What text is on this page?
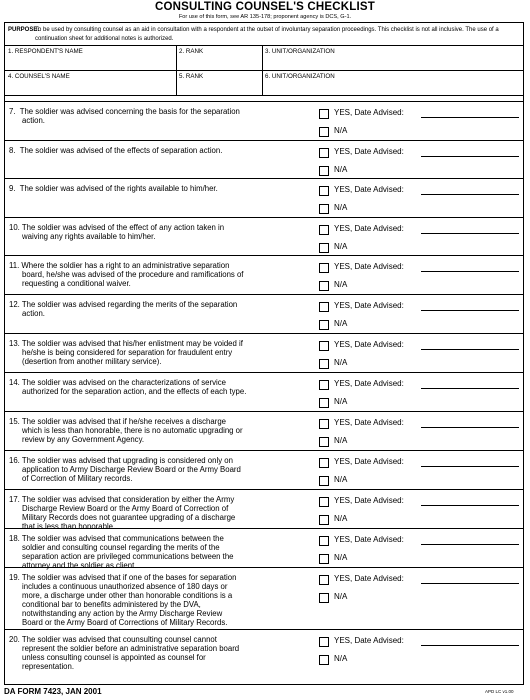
CONSULTING COUNSEL'S CHECKLIST
For use of this form, see AR 135-178; proponent agency is DCS, G-1.
PURPOSE:
To be used by consulting counsel as an aid in consultation with a respondent at the outset of involuntary separation proceedings. This checklist is not all inclusive. The use of a continuation sheet for additional notes is authorized.
1. RESPONDENT'S NAME	2. RANK	3. UNIT/ORGANIZATION
4. COUNSEL'S NAME	5. RANK	6. UNIT/ORGANIZATION
7.  The soldier was advised concerning the basis for the separation
action.
YES, Date Advised:
N/A
8.  The soldier was advised of the effects of separation action.	YES, Date Advised:
N/A
9.  The soldier was advised of the rights available to him/her.	YES, Date Advised:
N/A
10. The soldier was advised of the effect of any action taken in
waiving any rights available to him/her.
YES, Date Advised:
N/A
11. Where the soldier has a right to an administrative separation
board, he/she was advised of the procedure and ramifications of
requesting a conditional waiver.
YES, Date Advised:
N/A
12. The soldier was advised regarding the merits of the separation
action.
YES, Date Advised:
N/A
13. The soldier was advised that his/her enlistment may be voided if
he/she is being considered for separation for fraudulent entry
(desertion from another military service).
YES, Date Advised:
N/A
14. The soldier was advised on the characterizations of service
authorized for the separation action, and the effects of each type.
YES, Date Advised:
N/A
15. The soldier was advised that if he/she receives a discharge
which is less than honorable, there is no automatic upgrading or
review by any Government Agency.
YES, Date Advised:
N/A
16. The soldier was advised that upgrading is considered only on
application to Army Discharge Review Board or the Army Board
of Correction of Military records.
YES, Date Advised:
N/A
17. The soldier was advised that consideration by either the Army
Discharge Review Board or the Army Board of Correction of
Military Records does not guarantee upgrading of a discharge
that is less than honorable.
YES, Date Advised:
N/A
18. The soldier was advised that communications between the
soldier and consulting counsel regarding the merits of the
separation action are privileged communications between the
attorney and the soldier as client.
YES, Date Advised:
N/A
19. The soldier was advised that if one of the bases for separation
includes a continuous unauthorized absence of 180 days or
more, a discharge under other than honorable conditions is a
conditional bar to benefits administered by the DVA,
notwithstanding any action by the Army Discharge Review
Board or the Army Board of Corrections of Military Records.
YES, Date Advised:
N/A
20. The soldier was advised that counsulting counsel cannot
represent the soldier before an administrative separation board
unless consulting counsel is appointed as counsel for
representation.
YES, Date Advised:
N/A
DA FORM 7423, JAN 2001	APD LC v1.00
